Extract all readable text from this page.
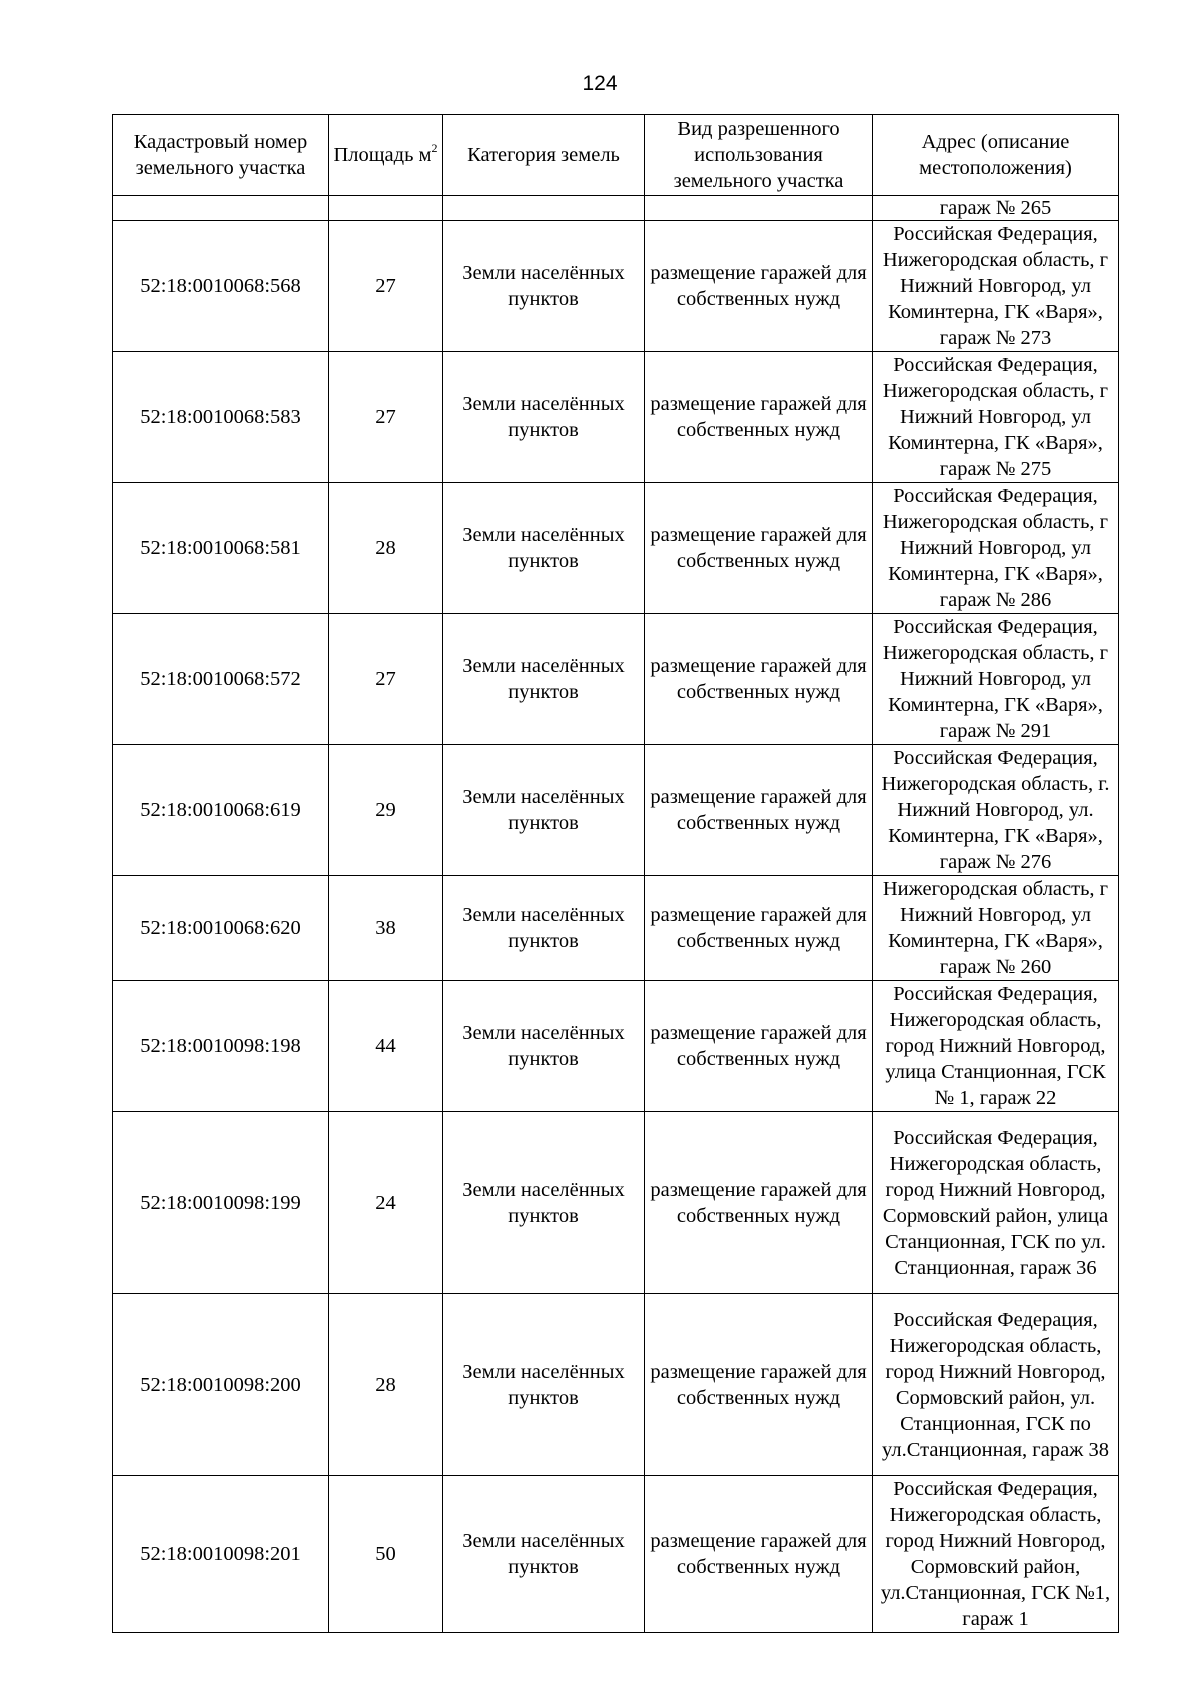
124
Кадастровый номер земельного участка	Площадь $м^2$	Категория земель	Вид разрешенного использования земельного участка	Адрес (описание местоположения)
				гараж № 265
52:18:0010068:568	27	Земли населённых пунктов	размещение гаражей для собственных нужд	Российская Федерация, Нижегородская область, г Нижний Новгород, ул Коминтерна, ГК «Варя», гараж № 273
52:18:0010068:583	27	Земли населённых пунктов	размещение гаражей для собственных нужд	Российская Федерация, Нижегородская область, г Нижний Новгород, ул Коминтерна, ГК «Варя», гараж № 275
52:18:0010068:581	28	Земли населённых пунктов	размещение гаражей для собственных нужд	Российская Федерация, Нижегородская область, г Нижний Новгород, ул Коминтерна, ГК «Варя», гараж № 286
52:18:0010068:572	27	Земли населённых пунктов	размещение гаражей для собственных нужд	Российская Федерация, Нижегородская область, г Нижний Новгород, ул Коминтерна, ГК «Варя», гараж № 291
52:18:0010068:619	29	Земли населённых пунктов	размещение гаражей для собственных нужд	Российская Федерация, Нижегородская область, г. Нижний Новгород, ул. Коминтерна, ГК «Варя», гараж № 276
52:18:0010068:620	38	Земли населённых пунктов	размещение гаражей для собственных нужд	Нижегородская область, г Нижний Новгород, ул Коминтерна, ГК «Варя», гараж № 260
52:18:0010098:198	44	Земли населённых пунктов	размещение гаражей для собственных нужд	Российская Федерация, Нижегородская область, город Нижний Новгород, улица Станционная, ГСК № 1, гараж 22
52:18:0010098:199	24	Земли населённых пунктов	размещение гаражей для собственных нужд	Российская Федерация, Нижегородская область, город Нижний Новгород, Сормовский район, улица Станционная, ГСК по ул. Станционная, гараж 36
52:18:0010098:200	28	Земли населённых пунктов	размещение гаражей для собственных нужд	Российская Федерация, Нижегородская область, город Нижний Новгород, Сормовский район, ул. Станционная, ГСК по ул.Станционная, гараж 38
52:18:0010098:201	50	Земли населённых пунктов	размещение гаражей для собственных нужд	Российская Федерация, Нижегородская область, город Нижний Новгород, Сормовский район, ул.Станционная, ГСК №1, гараж 1
